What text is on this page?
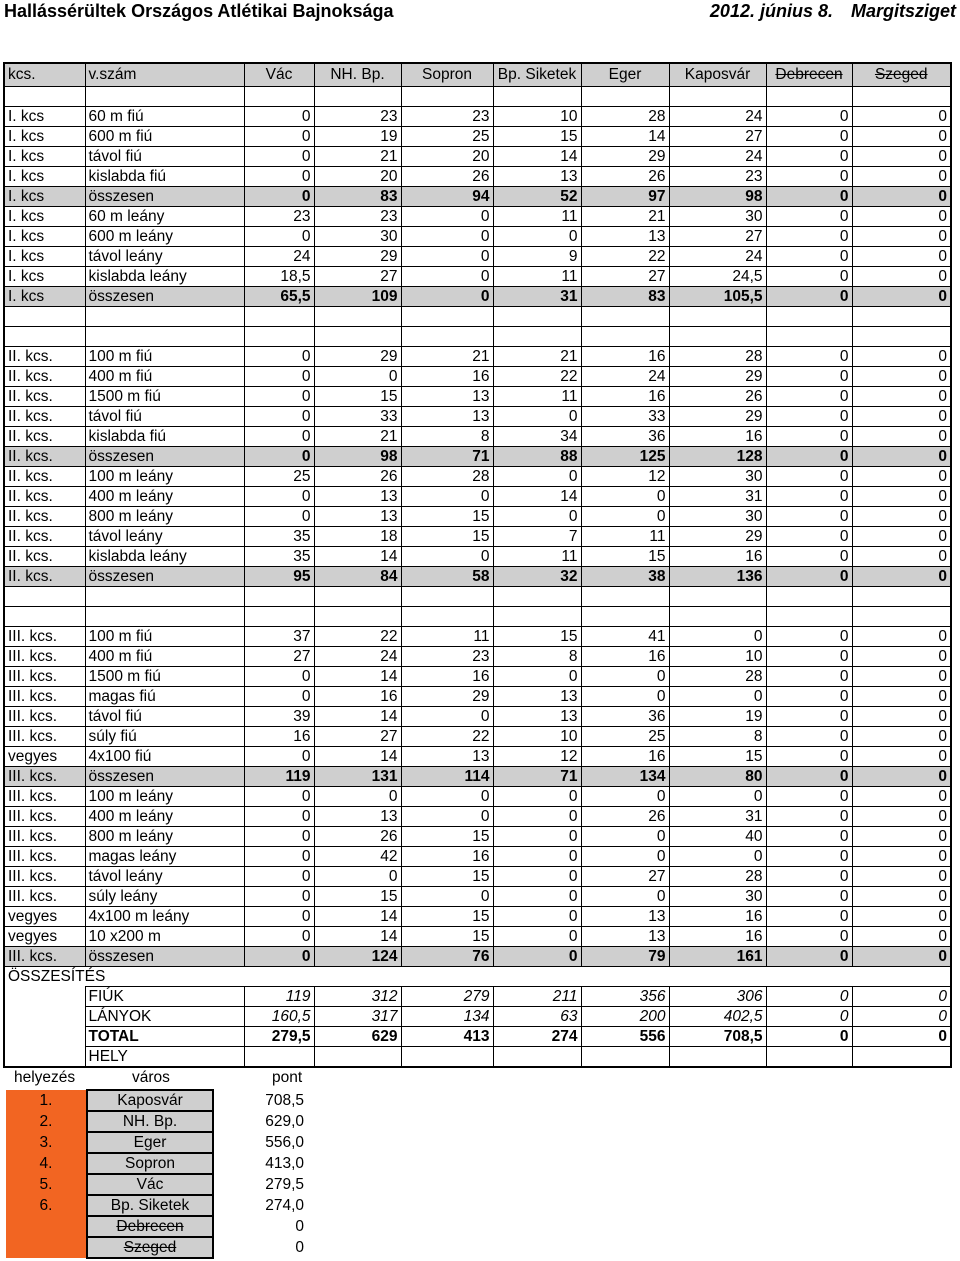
Hallássérültek Országos Atlétikai Bajnoksága	2012. június 8. Margitsziget
kcs.	v.szám	Vác	NH. Bp.	Sopron	Bp. Siketek	Eger	Kaposvár	Debrecen	Szeged

I. kcs	60 m fiú	0	23	23	10	28	24	0	0
I. kcs	600 m fiú	0	19	25	15	14	27	0	0
I. kcs	távol fiú	0	21	20	14	29	24	0	0
I. kcs	kislabda fiú	0	20	26	13	26	23	0	0
I. kcs	összesen	0	83	94	52	97	98	0	0
I. kcs	60 m leány	23	23	0	11	21	30	0	0
I. kcs	600 m leány	0	30	0	0	13	27	0	0
I. kcs	távol leány	24	29	0	9	22	24	0	0
I. kcs	kislabda leány	18,5	27	0	11	27	24,5	0	0
I. kcs	összesen	65,5	109	0	31	83	105,5	0	0

II. kcs.	100 m fiú	0	29	21	21	16	28	0	0
II. kcs.	400 m fiú	0	0	16	22	24	29	0	0
II. kcs.	1500 m fiú	0	15	13	11	16	26	0	0
II. kcs.	távol fiú	0	33	13	0	33	29	0	0
II. kcs.	kislabda fiú	0	21	8	34	36	16	0	0
II. kcs.	összesen	0	98	71	88	125	128	0	0
II. kcs.	100 m leány	25	26	28	0	12	30	0	0
II. kcs.	400 m leány	0	13	0	14	0	31	0	0
II. kcs.	800 m leány	0	13	15	0	0	30	0	0
II. kcs.	távol leány	35	18	15	7	11	29	0	0
II. kcs.	kislabda leány	35	14	0	11	15	16	0	0
II. kcs.	összesen	95	84	58	32	38	136	0	0

III. kcs.	100 m fiú	37	22	11	15	41	0	0	0
III. kcs.	400 m fiú	27	24	23	8	16	10	0	0
III. kcs.	1500 m fiú	0	14	16	0	0	28	0	0
III. kcs.	magas fiú	0	16	29	13	0	0	0	0
III. kcs.	távol fiú	39	14	0	13	36	19	0	0
III. kcs.	súly fiú	16	27	22	10	25	8	0	0
vegyes	4x100 fiú	0	14	13	12	16	15	0	0
III. kcs.	összesen	119	131	114	71	134	80	0	0
III. kcs.	100 m leány	0	0	0	0	0	0	0	0
III. kcs.	400 m leány	0	13	0	0	26	31	0	0
III. kcs.	800 m leány	0	26	15	0	0	40	0	0
III. kcs.	magas leány	0	42	16	0	0	0	0	0
III. kcs.	távol leány	0	0	15	0	27	28	0	0
III. kcs.	súly leány	0	15	0	0	0	30	0	0
vegyes	4x100 m leány	0	14	15	0	13	16	0	0
vegyes	10 x200 m	0	14	15	0	13	16	0	0
III. kcs.	összesen	0	124	76	0	79	161	0	0
ÖSSZESÍTÉS									
	FIÚK	119	312	279	211	356	306	0	0
	LÁNYOK	160,5	317	134	63	200	402,5	0	0
	TOTAL	279,5	629	413	274	556	708,5	0	0
	HELY								
helyezés	város	pont
1.	Kaposvár	708,5
2.	NH. Bp.	629,0
3.	Eger	556,0
4.	Sopron	413,0
5.	Vác	279,5
6.	Bp. Siketek	274,0
	Debrecen	0
	Szeged	0
